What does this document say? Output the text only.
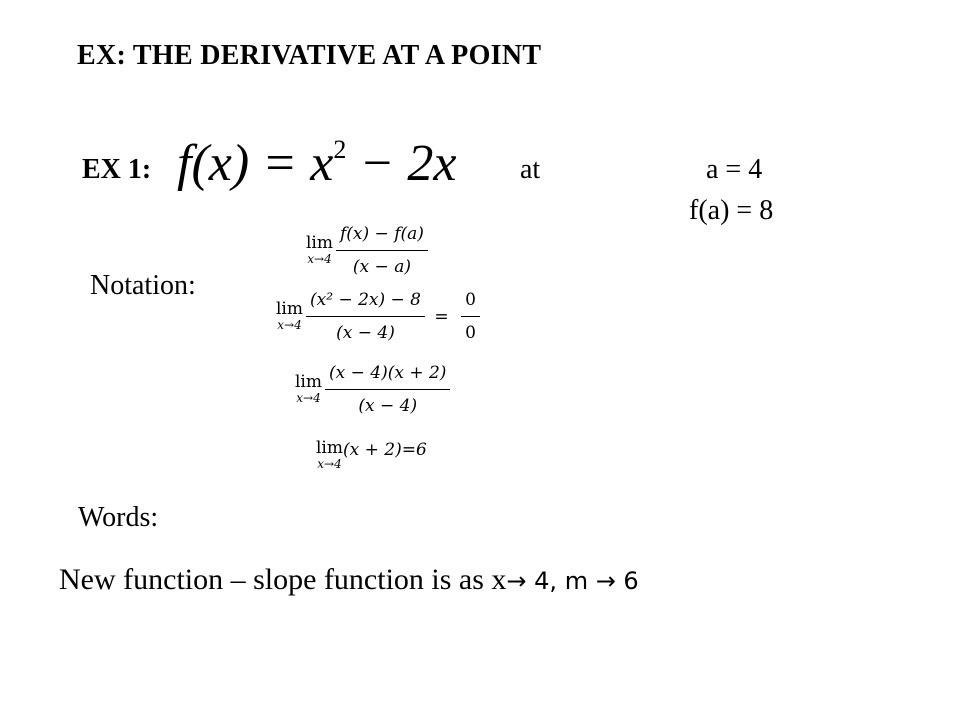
EX: THE DERIVATIVE AT A POINT
EX 1: $f(x) = x^2 - 2x$ at	a = 4
f(a) = 8
Notation:
lim
$x\to 4 \frac{f(x) - f(a)}{(x - a)}$
lim
$x\to 4 \frac{\text{(x² − 2x) − 8}}{(x - 4)} = \frac{0}{0}$
lim
$x\to 4 \frac{(x - 4)(x + 2)}{(x - 4)}$
lim
x→4
(x + 2)=6
Words:
New function – slope function is as x→ 4, m → 6
